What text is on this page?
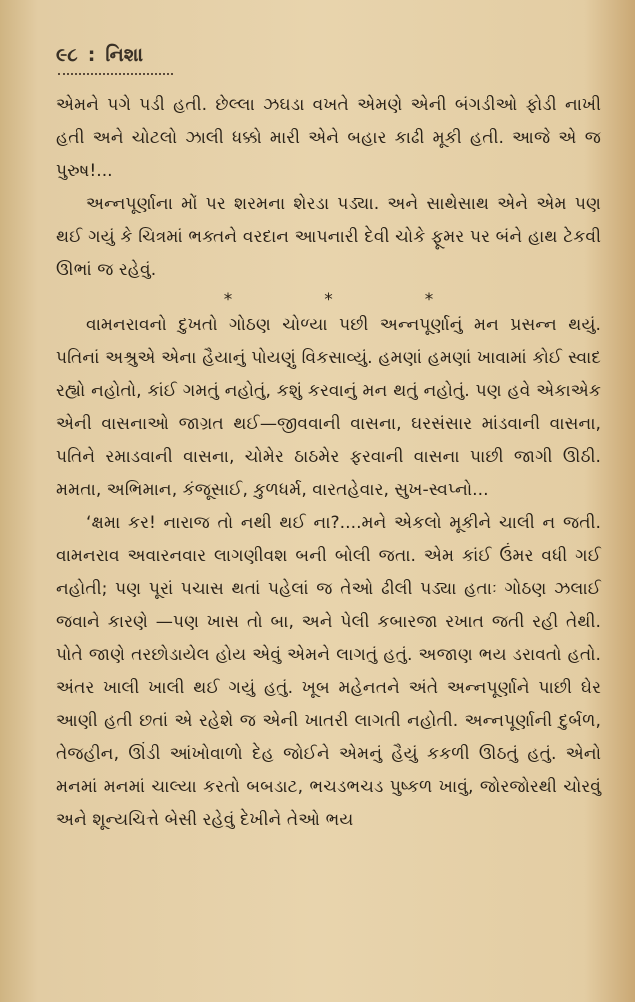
૯૮ : નિશા

એમને પગે પડી હતી. છેલ્લા ઝઘડા વખતે એમણે એની બંગડીઓ ફોડી નાખી હતી અને ચોટલો ઝાલી ધક્કો મારી એને બહાર કાઢી મૂકી હતી. આજે એ જ પુરુષ!...

અન્નપૂર્ણાના મોં પર શરમના શેરડા પડ્યા. અને સાથેસાથ એને એમ પણ થઈ ગયું કે ચિત્રમાં ભક્તને વરદાન આપનારી દેવી ચોકે ફૂમર પર બંને હાથ ટેકવી ઊભાં જ રહેવું.

*	*	*

વામનરાવનો દુખતો ગોઠણ ચોળ્યા પછી અન્નપૂર્ણાનું મન પ્રસન્ન થયું. પતિનાં અશ્રુએ એના હૈયાનું પોયણું વિકસાવ્યું. હમણાં હમણાં ખાવામાં કોઈ સ્વાદ રહ્યો નહોતો, કાંઈ ગમતું નહોતું, કશું કરવાનું મન થતું નહોતું. પણ હવે એકાએક એની વાસનાઓ જાગ્રત થઈ—જીવવાની વાસના, ઘરસંસાર માંડવાની વાસના, પતિને રમાડવાની વાસના, ચોમેર ઠાઠમેર ફરવાની વાસના પાછી જાગી ઊઠી. મમતા, અભિમાન, કંજૂસાઈ, કુળધર્મ, વારતહેવાર, સુખ-સ્વપ્નો...

‘ક્ષમા કર! નારાજ તો નથી થઈ ના?....મને એકલો મૂકીને ચાલી ન જતી. વામનરાવ અવારનવાર લાગણીવશ બની બોલી જતા. એમ કાંઈ ઉંમર વધી ગઈ નહોતી; પણ પૂરાં પચાસ થતાં પહેલાં જ તેઓ ઢીલી પડ્યા હતાઃ ગોઠણ ઝલાઈ જવાને કારણે —પણ ખાસ તો બા, અને પેલી કબારજા રખાત જતી રહી તેથી. પોતે જાણે તરછોડાયેલ હોય એવું એમને લાગતું હતું. અજાણ ભય ડરાવતો હતો. અંતર ખાલી ખાલી થઈ ગયું હતું. ખૂબ મહેનતને અંતે અન્નપૂર્ણાને પાછી ઘેર આણી હતી છતાં એ રહેશે જ એની ખાતરી લાગતી નહોતી. અન્નપૂર્ણાની દુર્બળ, તેજહીન, ઊંડી આંખોવાળો દેહ જોઈને એમનું હૈયું કકળી ઊઠતું હતું. એનો મનમાં મનમાં ચાલ્યા કરતો બબડાટ, ભચડભચડ પુષ્કળ ખાવું, જોરજોરથી ચોરવું અને શૂન્યચિત્તે બેસી રહેવું દેખીને તેઓ ભય
